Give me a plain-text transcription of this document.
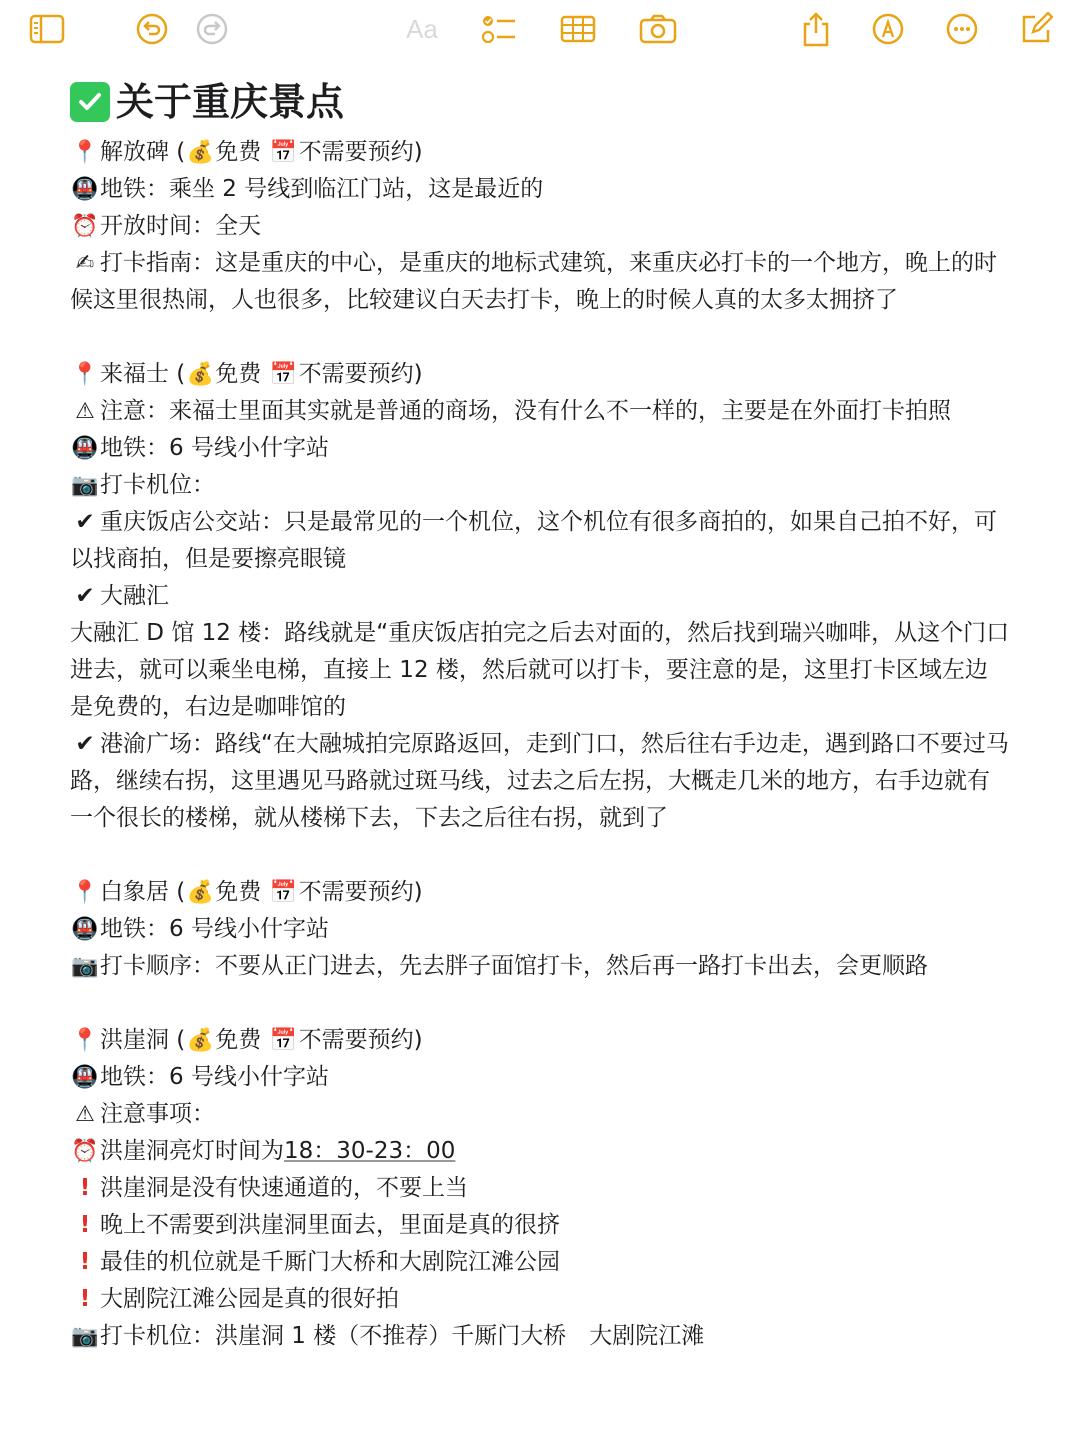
Aa
关于重庆景点
📍解放碑 (💰免费 📅不需要预约)
🚇地铁：乘坐 2 号线到临江门站，这是最近的
⏰开放时间：全天
✍ 打卡指南：这是重庆的中心，是重庆的地标式建筑，来重庆必打卡的一个地方，晚上的时候这里很热闹，人也很多，比较建议白天去打卡，晚上的时候人真的太多太拥挤了
📍来福士 (💰免费 📅不需要预约)
⚠ 注意：来福士里面其实就是普通的商场，没有什么不一样的，主要是在外面打卡拍照
🚇地铁：6 号线小什字站
📷打卡机位：
✔ 重庆饭店公交站：只是最常见的一个机位，这个机位有很多商拍的，如果自己拍不好，可以找商拍，但是要擦亮眼镜
✔ 大融汇
大融汇 D 馆 12 楼：路线就是“重庆饭店拍完之后去对面的，然后找到瑞兴咖啡，从这个门口进去，就可以乘坐电梯，直接上 12 楼，然后就可以打卡，要注意的是，这里打卡区域左边是免费的，右边是咖啡馆的
✔ 港渝广场：路线“在大融城拍完原路返回，走到门口，然后往右手边走，遇到路口不要过马路，继续右拐，这里遇见马路就过斑马线，过去之后左拐，大概走几米的地方，右手边就有一个很长的楼梯，就从楼梯下去，下去之后往右拐，就到了
📍白象居 (💰免费 📅不需要预约)
🚇地铁：6 号线小什字站
📷打卡顺序：不要从正门进去，先去胖子面馆打卡，然后再一路打卡出去，会更顺路
📍洪崖洞 (💰免费 📅不需要预约)
🚇地铁：6 号线小什字站
⚠ 注意事项：
⏰洪崖洞亮灯时间为18：30-23：00
! 洪崖洞是没有快速通道的，不要上当
! 晚上不需要到洪崖洞里面去，里面是真的很挤
! 最佳的机位就是千厮门大桥和大剧院江滩公园
! 大剧院江滩公园是真的很好拍
📷打卡机位：洪崖洞 1 楼（不推荐）千厮门大桥　大剧院江滩
